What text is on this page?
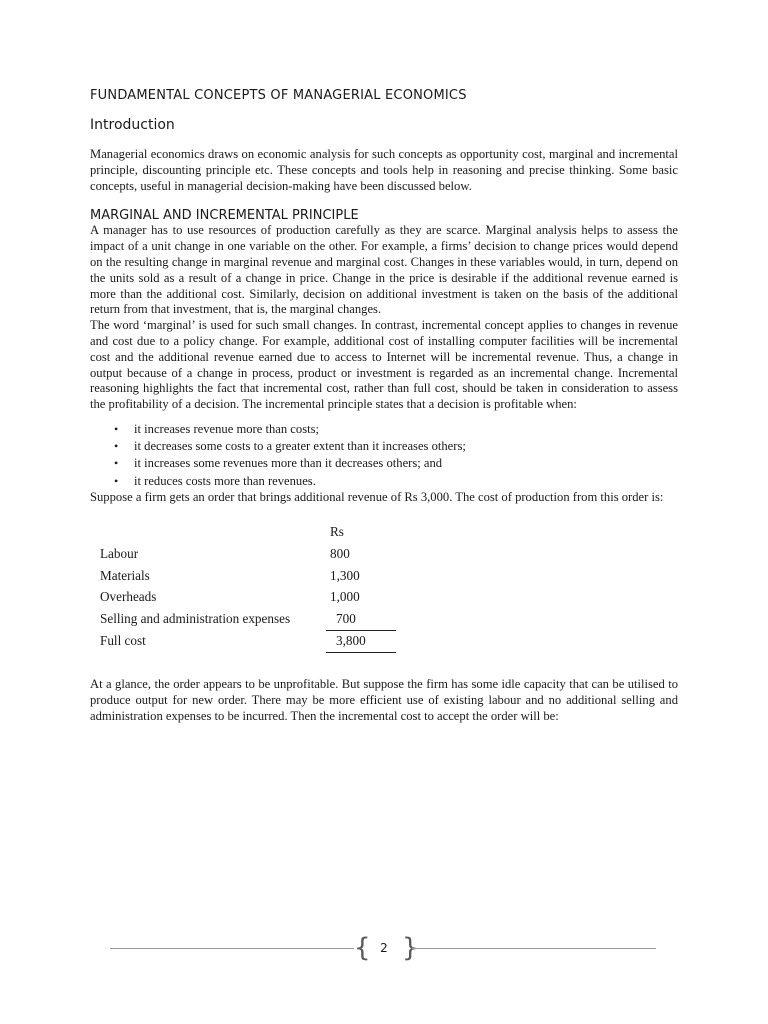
FUNDAMENTAL CONCEPTS OF MANAGERIAL ECONOMICS
Introduction

Managerial economics draws on economic analysis for such concepts as opportunity cost, marginal and incremental principle, discounting principle etc. These concepts and tools help in reasoning and precise thinking. Some basic concepts, useful in managerial decision-making have been discussed below.

MARGINAL AND INCREMENTAL PRINCIPLE

A manager has to use resources of production carefully as they are scarce. Marginal analysis helps to assess the impact of a unit change in one variable on the other. For example, a firms’ decision to change prices would depend on the resulting change in marginal revenue and marginal cost. Changes in these variables would, in turn, depend on the units sold as a result of a change in price. Change in the price is desirable if the additional revenue earned is more than the additional cost. Similarly, decision on additional investment is taken on the basis of the additional return from that investment, that is, the marginal changes.

The word ‘marginal’ is used for such small changes. In contrast, incremental concept applies to changes in revenue and cost due to a policy change. For example, additional cost of installing computer facilities will be incremental cost and the additional revenue earned due to access to Internet will be incremental revenue. Thus, a change in output because of a change in process, product or investment is regarded as an incremental change. Incremental reasoning highlights the fact that incremental cost, rather than full cost, should be taken in consideration to assess the profitability of a decision. The incremental principle states that a decision is profitable when:

• it increases revenue more than costs;
• it decreases some costs to a greater extent than it increases others;
• it increases some revenues more than it decreases others; and
• it reduces costs more than revenues.

Suppose a firm gets an order that brings additional revenue of Rs 3,000. The cost of production from this order is:

	Rs
Labour	800
Materials	1,300
Overheads	1,000
Selling and administration expenses	700
Full cost	3,800

At a glance, the order appears to be unprofitable. But suppose the firm has some idle capacity that can be utilised to produce output for new order. There may be more efficient use of existing labour and no additional selling and administration expenses to be incurred. Then the incremental cost to accept the order will be:

{ 2 }
